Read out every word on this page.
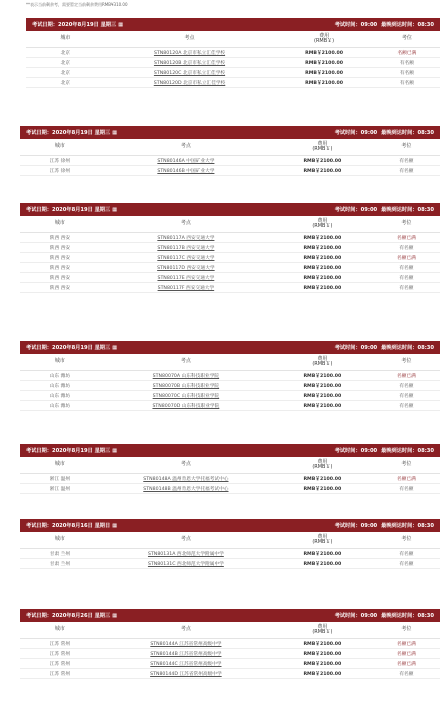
**表示当前剩余考，需要暂定当前剩余费用RMB¥310.00
考试日期：2020年8月19日 星期三 ▦	考试时间：09:00 最晚到达时间：08:30
城市	考点	费用
(RMB￥)	考位
北京	STN80120A 北京市私立汇佳学校	RMB￥2100.00	名额已满
北京	STN80120B 北京市私立汇佳学校	RMB￥2100.00	有名额
北京	STN80120C 北京市私立汇佳学校	RMB￥2100.00	有名额
北京	STN80120D 北京市私立汇佳学校	RMB￥2100.00	有名额
考试日期：2020年8月19日 星期三 ▦	考试时间：09:00 最晚到达时间：08:30
城市	考点	费用
(RMB￥)	考位
江苏 徐州	STN80146A 中国矿业大学	RMB￥2100.00	有名额
江苏 徐州	STN80146B 中国矿业大学	RMB￥2100.00	有名额
考试日期：2020年8月19日 星期三 ▦	考试时间：09:00 最晚到达时间：08:30
城市	考点	费用
(RMB￥)	考位
陕西 西安	STN80117A 西安交通大学	RMB￥2100.00	名额已满
陕西 西安	STN80117B 西安交通大学	RMB￥2100.00	有名额
陕西 西安	STN80117C 西安交通大学	RMB￥2100.00	名额已满
陕西 西安	STN80117D 西安交通大学	RMB￥2100.00	有名额
陕西 西安	STN80117E 西安交通大学	RMB￥2100.00	有名额
陕西 西安	STN80117F 西安交通大学	RMB￥2100.00	有名额
考试日期：2020年8月19日 星期三 ▦	考试时间：09:00 最晚到达时间：08:30
城市	考点	费用
(RMB￥)	考位
山东 潍坊	STN80070A 山东科技职业学院	RMB￥2100.00	名额已满
山东 潍坊	STN80070B 山东科技职业学院	RMB￥2100.00	有名额
山东 潍坊	STN80070C 山东科技职业学院	RMB￥2100.00	有名额
山东 潍坊	STN80070D 山东科技职业学院	RMB￥2100.00	有名额
考试日期：2020年8月19日 星期三 ▦	考试时间：09:00 最晚到达时间：08:30
城市	考点	费用
(RMB￥)	考位
浙江 温州	STN80148A 温州肯恩大学托福考试中心	RMB￥2100.00	名额已满
浙江 温州	STN80148B 温州肯恩大学托福考试中心	RMB￥2100.00	有名额
考试日期：2020年8月16日 星期日 ▦	考试时间：09:00 最晚到达时间：08:30
城市	考点	费用
(RMB￥)	考位
甘肃 兰州	STN80131A 西北师范大学附属中学	RMB￥2100.00	有名额
甘肃 兰州	STN80131C 西北师范大学附属中学	RMB￥2100.00	有名额
考试日期：2020年8月26日 星期三 ▦	考试时间：09:00 最晚到达时间：08:30
城市	考点	费用
(RMB￥)	考位
江苏 常州	STN80144A 江苏省常州高级中学	RMB￥2100.00	名额已满
江苏 常州	STN80144B 江苏省常州高级中学	RMB￥2100.00	名额已满
江苏 常州	STN80144C 江苏省常州高级中学	RMB￥2100.00	名额已满
江苏 常州	STN80144D 江苏省常州高级中学	RMB￥2100.00	有名额
